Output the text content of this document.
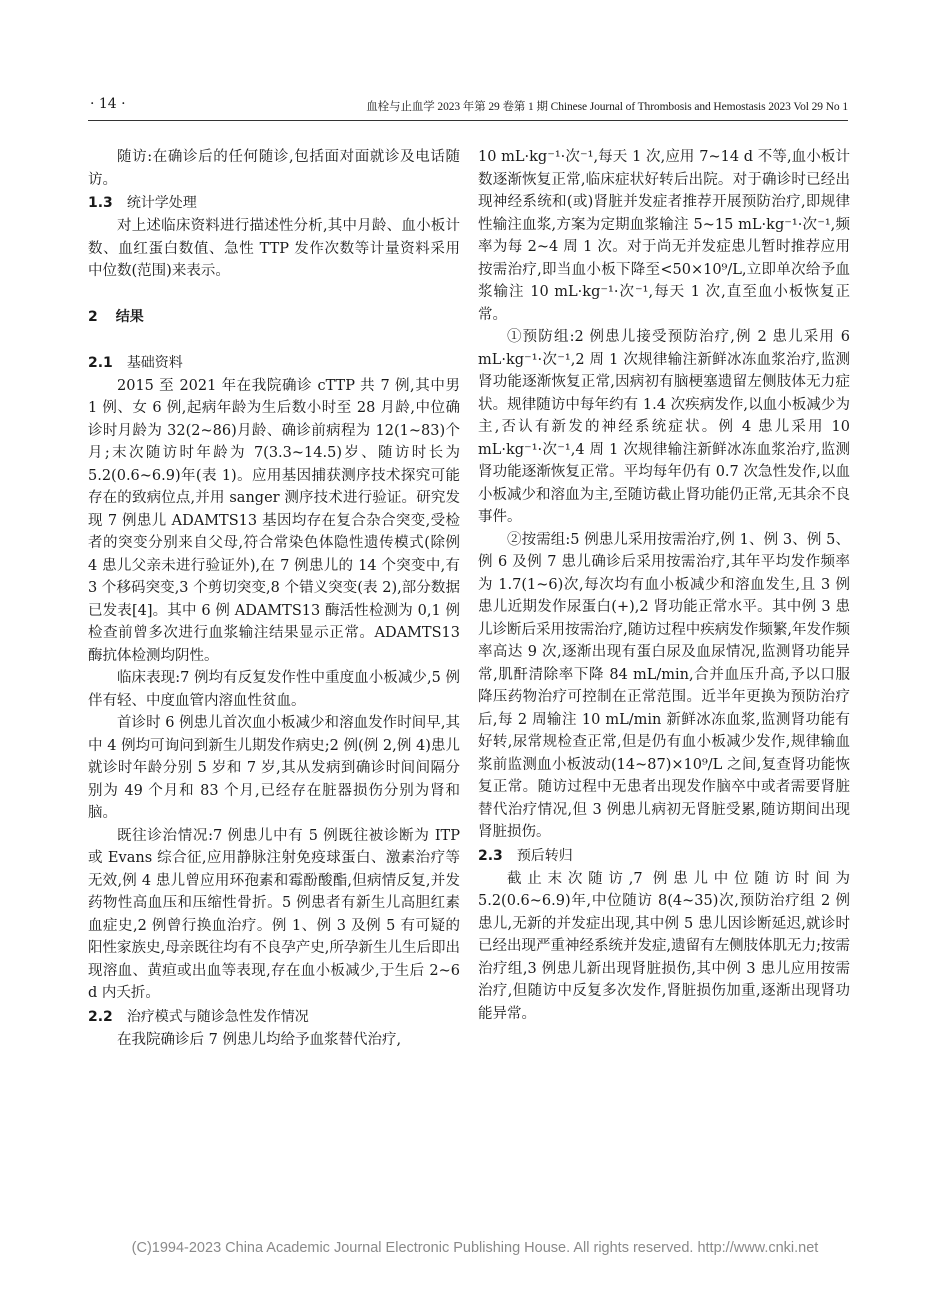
· 14 ·	血栓与止血学 2023 年第 29 卷第 1 期 Chinese Journal of Thrombosis and Hemostasis 2023 Vol 29 No 1

随访:在确诊后的任何随诊,包括面对面就诊及电话随访。

1.3 统计学处理

对上述临床资料进行描述性分析,其中月龄、血小板计数、血红蛋白数值、急性 TTP 发作次数等计量资料采用中位数(范围)来表示。

2 结果
2.1 基础资料

2015 至 2021 年在我院确诊 cTTP 共 7 例,其中男 1 例、女 6 例,起病年龄为生后数小时至 28 月龄,中位确诊时月龄为 32(2~86)月龄、确诊前病程为 12(1~83)个月;末次随访时年龄为 7(3.3~14.5)岁、随访时长为 5.2(0.6~6.9)年(表 1)。应用基因捕获测序技术探究可能存在的致病位点,并用 sanger 测序技术进行验证。研究发现 7 例患儿 ADAMTS13 基因均存在复合杂合突变,受检者的突变分别来自父母,符合常染色体隐性遗传模式(除例 4 患儿父亲未进行验证外),在 7 例患儿的 14 个突变中,有 3 个移码突变,3 个剪切突变,8 个错义突变(表 2),部分数据已发表[4]。其中 6 例 ADAMTS13 酶活性检测为 0,1 例检查前曾多次进行血浆输注结果显示正常。ADAMTS13 酶抗体检测均阴性。

临床表现:7 例均有反复发作性中重度血小板减少,5 例伴有轻、中度血管内溶血性贫血。

首诊时 6 例患儿首次血小板减少和溶血发作时间早,其中 4 例均可询问到新生儿期发作病史;2 例(例 2,例 4)患儿就诊时年龄分别 5 岁和 7 岁,其从发病到确诊时间间隔分别为 49 个月和 83 个月,已经存在脏器损伤分别为肾和脑。

既往诊治情况:7 例患儿中有 5 例既往被诊断为 ITP 或 Evans 综合征,应用静脉注射免疫球蛋白、激素治疗等无效,例 4 患儿曾应用环孢素和霉酚酸酯,但病情反复,并发药物性高血压和压缩性骨折。5 例患者有新生儿高胆红素血症史,2 例曾行换血治疗。例 1、例 3 及例 5 有可疑的阳性家族史,母亲既往均有不良孕产史,所孕新生儿生后即出现溶血、黄疸或出血等表现,存在血小板减少,于生后 2~6 d 内夭折。

2.2 治疗模式与随诊急性发作情况

在我院确诊后 7 例患儿均给予血浆替代治疗,

10 mL·kg⁻¹·次⁻¹,每天 1 次,应用 7~14 d 不等,血小板计数逐渐恢复正常,临床症状好转后出院。对于确诊时已经出现神经系统和(或)肾脏并发症者推荐开展预防治疗,即规律性输注血浆,方案为定期血浆输注 5~15 mL·kg⁻¹·次⁻¹,频率为每 2~4 周 1 次。对于尚无并发症患儿暂时推荐应用按需治疗,即当血小板下降至<50×10⁹/L,立即单次给予血浆输注 10 mL·kg⁻¹·次⁻¹,每天 1 次,直至血小板恢复正常。

①预防组:2 例患儿接受预防治疗,例 2 患儿采用 6 mL·kg⁻¹·次⁻¹,2 周 1 次规律输注新鲜冰冻血浆治疗,监测肾功能逐渐恢复正常,因病初有脑梗塞遗留左侧肢体无力症状。规律随访中每年约有 1.4 次疾病发作,以血小板减少为主,否认有新发的神经系统症状。例 4 患儿采用 10 mL·kg⁻¹·次⁻¹,4 周 1 次规律输注新鲜冰冻血浆治疗,监测肾功能逐渐恢复正常。平均每年仍有 0.7 次急性发作,以血小板减少和溶血为主,至随访截止肾功能仍正常,无其余不良事件。

②按需组:5 例患儿采用按需治疗,例 1、例 3、例 5、例 6 及例 7 患儿确诊后采用按需治疗,其年平均发作频率为 1.7(1~6)次,每次均有血小板减少和溶血发生,且 3 例患儿近期发作尿蛋白(+),2 肾功能正常水平。其中例 3 患儿诊断后采用按需治疗,随访过程中疾病发作频繁,年发作频率高达 9 次,逐渐出现有蛋白尿及血尿情况,监测肾功能异常,肌酐清除率下降 84 mL/min,合并血压升高,予以口服降压药物治疗可控制在正常范围。近半年更换为预防治疗后,每 2 周输注 10 mL/min 新鲜冰冻血浆,监测肾功能有好转,尿常规检查正常,但是仍有血小板减少发作,规律输血浆前监测血小板波动(14~87)×10⁹/L 之间,复查肾功能恢复正常。随访过程中无患者出现发作脑卒中或者需要肾脏替代治疗情况,但 3 例患儿病初无肾脏受累,随访期间出现肾脏损伤。

2.3 预后转归

截止末次随访,7 例患儿中位随访时间为 5.2(0.6~6.9)年,中位随访 8(4~35)次,预防治疗组 2 例患儿,无新的并发症出现,其中例 5 患儿因诊断延迟,就诊时已经出现严重神经系统并发症,遗留有左侧肢体肌无力;按需治疗组,3 例患儿新出现肾脏损伤,其中例 3 患儿应用按需治疗,但随访中反复多次发作,肾脏损伤加重,逐渐出现肾功能异常。

(C)1994-2023 China Academic Journal Electronic Publishing House. All rights reserved. http://www.cnki.net
